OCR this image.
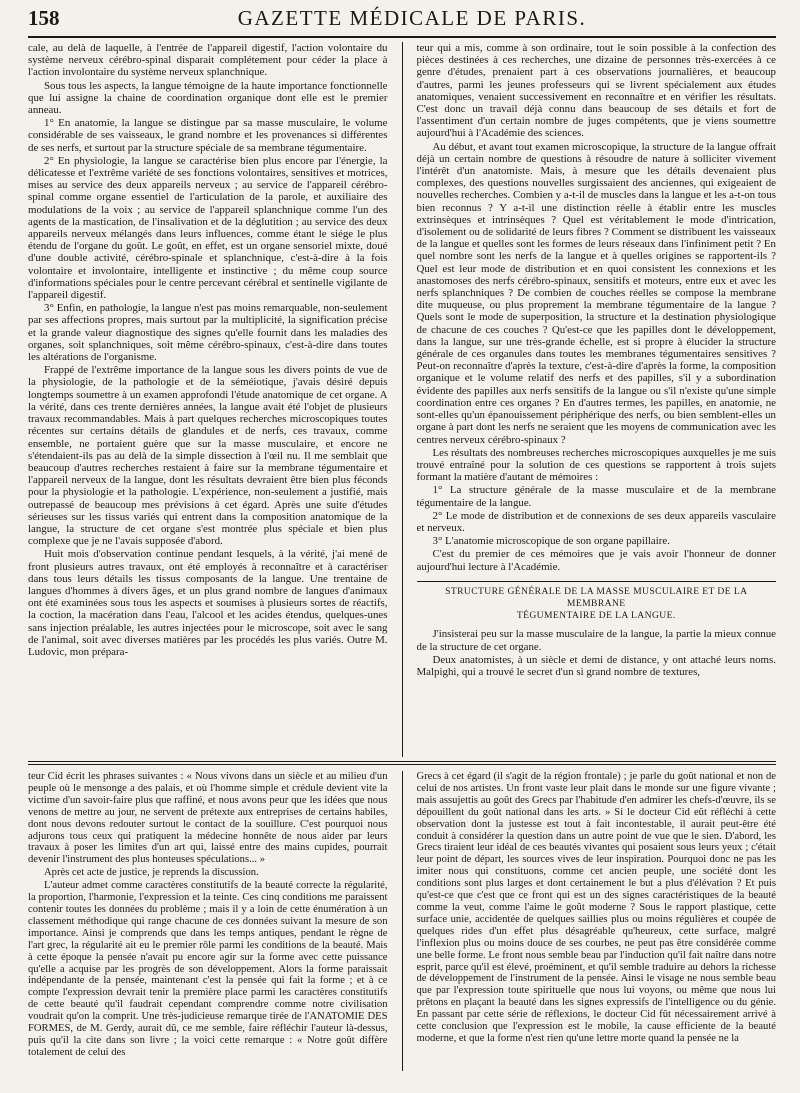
158	GAZETTE MÉDICALE DE PARIS.

cale, au delà de laquelle, à l'entrée de l'appareil digestif, l'action volontaire du système nerveux cérébro-spinal disparait complétement pour céder la place à l'action involontaire du système nerveux splanchnique.

Sous tous les aspects, la langue témoigne de la haute importance fonctionnelle que lui assigne la chaine de coordination organique dont elle est le premier anneau.

1° En anatomie, la langue se distingue par sa masse musculaire, le volume considérable de ses vaisseaux, le grand nombre et les provenances si différentes de ses nerfs, et surtout par la structure spéciale de sa membrane tégumentaire.

2° En physiologie, la langue se caractérise bien plus encore par l'énergie, la délicatesse et l'extrême variété de ses fonctions volontaires, sensitives et motrices, mises au service des deux appareils nerveux ; au service de l'appareil cérébro-spinal comme organe essentiel de l'articulation de la parole, et auxiliaire des modulations de la voix ; au service de l'appareil splanchnique comme l'un des agents de la mastication, de l'insalivation et de la déglutition ; au service des deux appareils nerveux mélangés dans leurs influences, comme étant le siége le plus étendu de l'organe du goût. Le goût, en effet, est un organe sensoriel mixte, doué d'une double activité, cérébro-spinale et splanchnique, c'est-à-dire à la fois volontaire et involontaire, intelligente et instinctive ; du même coup source d'informations spéciales pour le centre percevant cérébral et sentinelle vigilante de l'appareil digestif.

3° Enfin, en pathologie, la langue n'est pas moins remarquable, non-seulement par ses affections propres, mais surtout par la multiplicité, la signification précise et la grande valeur diagnostique des signes qu'elle fournit dans les maladies des organes, soit splanchniques, soit même cérébro-spinaux, c'est-à-dire dans toutes les altérations de l'organisme.

Frappé de l'extrême importance de la langue sous les divers points de vue de la physiologie, de la pathologie et de la séméiotique, j'avais désiré depuis longtemps soumettre à un examen approfondi l'étude anatomique de cet organe. A la vérité, dans ces trente dernières années, la langue avait été l'objet de plusieurs travaux recommandables. Mais à part quelques recherches microscopiques toutes récentes sur certains détails de glandules et de nerfs, ces travaux, comme ensemble, ne portaient guère que sur la masse musculaire, et encore ne s'étendaient-ils pas au delà de la simple dissection à l'œil nu. Il me semblait que beaucoup d'autres recherches restaient à faire sur la membrane tégumentaire et l'appareil nerveux de la langue, dont les résultats devraient être bien plus féconds pour la physiologie et la pathologie. L'expérience, non-seulement a justifié, mais outrepassé de beaucoup mes prévisions à cet égard. Après une suite d'études sérieuses sur les tissus variés qui entrent dans la composition anatomique de la langue, la structure de cet organe s'est montrée plus spéciale et bien plus complexe que je ne l'avais supposée d'abord.

Huit mois d'observation continue pendant lesquels, à la vérité, j'ai mené de front plusieurs autres travaux, ont été employés à reconnaître et à caractériser dans tous leurs détails les tissus composants de la langue. Une trentaine de langues d'hommes à divers âges, et un plus grand nombre de langues d'animaux ont été examinées sous tous les aspects et soumises à plusieurs sortes de réactifs, la coction, la macération dans l'eau, l'alcool et les acides étendus, quelques-unes sans injection préalable, les autres injectées pour le microscope, soit avec le sang de l'animal, soit avec diverses matières par les procédés les plus variés. Outre M. Ludovic, mon prépara-

teur qui a mis, comme à son ordinaire, tout le soin possible à la confection des pièces destinées à ces recherches, une dizaine de personnes très-exercées à ce genre d'études, prenaient part à ces observations journalières, et beaucoup d'autres, parmi les jeunes professeurs qui se livrent spécialement aux études anatomiques, venaient successivement en reconnaître et en vérifier les résultats. C'est donc un travail déjà connu dans beaucoup de ses détails et fort de l'assentiment d'un certain nombre de juges compétents, que je viens soumettre aujourd'hui à l'Académie des sciences.

Au début, et avant tout examen microscopique, la structure de la langue offrait déjà un certain nombre de questions à résoudre de nature à solliciter vivement l'intérêt d'un anatomiste. Mais, à mesure que les détails devenaient plus complexes, des questions nouvelles surgissaient des anciennes, qui exigeaient de nouvelles recherches. Combien y a-t-il de muscles dans la langue et les a-t-on tous bien reconnus ? Y a-t-il une distinction réelle à établir entre les muscles extrinsèques et intrinsèques ? Quel est véritablement le mode d'intrication, d'isolement ou de solidarité de leurs fibres ? Comment se distribuent les vaisseaux de la langue et quelles sont les formes de leurs réseaux dans l'infiniment petit ? En quel nombre sont les nerfs de la langue et à quelles origines se rapportent-ils ? Quel est leur mode de distribution et en quoi consistent les connexions et les anastomoses des nerfs cérébro-spinaux, sensitifs et moteurs, entre eux et avec les nerfs splanchniques ? De combien de couches réelles se compose la membrane dite muqueuse, ou plus proprement la membrane tégumentaire de la langue ? Quels sont le mode de superposition, la structure et la destination physiologique de chacune de ces couches ? Qu'est-ce que les papilles dont le développement, dans la langue, sur une très-grande échelle, est si propre à élucider la structure générale de ces organules dans toutes les membranes tégumentaires sensitives ? Peut-on reconnaître d'après la texture, c'est-à-dire d'après la forme, la composition organique et le volume relatif des nerfs et des papilles, s'il y a subordination évidente des papilles aux nerfs sensitifs de la langue ou s'il n'existe qu'une simple coordination entre ces organes ? En d'autres termes, les papilles, en anatomie, ne sont-elles qu'un épanouissement périphérique des nerfs, ou bien semblent-elles un organe à part dont les nerfs ne seraient que les moyens de communication avec les centres nerveux cérébro-spinaux ?

Les résultats des nombreuses recherches microscopiques auxquelles je me suis trouvé entraîné pour la solution de ces questions se rapportent à trois sujets formant la matière d'autant de mémoires :

1° La structure générale de la masse musculaire et de la membrane tégumentaire de la langue.

2° Le mode de distribution et de connexions de ses deux appareils vasculaire et nerveux.

3° L'anatomie microscopique de son organe papillaire.

C'est du premier de ces mémoires que je vais avoir l'honneur de donner aujourd'hui lecture à l'Académie.

STRUCTURE GÉNÉRALE DE LA MASSE MUSCULAIRE ET DE LA MEMBRANE
TÉGUMENTAIRE DE LA LANGUE.

J'insisterai peu sur la masse musculaire de la langue, la partie la mieux connue de la structure de cet organe.

Deux anatomistes, à un siècle et demi de distance, y ont attaché leurs noms. Malpighi, qui a trouvé le secret d'un si grand nombre de textures,

teur Cid écrit les phrases suivantes : « Nous vivons dans un siècle et au milieu d'un peuple où le mensonge a des palais, et où l'homme simple et crédule devient vite la victime d'un savoir-faire plus que raffiné, et nous avons peur que les idées que nous venons de mettre au jour, ne servent de prétexte aux entreprises de certains habiles, dont nous devons redouter surtout le contact de la souillure. C'est pourquoi nous adjurons tous ceux qui pratiquent la médecine honnête de nous aider par leurs travaux à poser les limites d'un art qui, laissé entre des mains cupides, pourrait devenir l'instrument des plus honteuses spéculations... »

Après cet acte de justice, je reprends la discussion.

L'auteur admet comme caractères constitutifs de la beauté correcte la régularité, la proportion, l'harmonie, l'expression et la teinte. Ces cinq conditions me paraissent contenir toutes les données du problème ; mais il y a loin de cette énumération à un classement méthodique qui range chacune de ces données suivant la mesure de son importance. Ainsi je comprends que dans les temps antiques, pendant le règne de l'art grec, la régularité ait eu le premier rôle parmi les conditions de la beauté. Mais à cette époque la pensée n'avait pu encore agir sur la forme avec cette puissance qu'elle a acquise par les progrès de son développement. Alors la forme paraissait indépendante de la pensée, maintenant c'est la pensée qui fait la forme ; et à ce compte l'expression devrait tenir la première place parmi les caractères constitutifs de cette beauté qu'il faudrait cependant comprendre comme notre civilisation voudrait qu'on la comprit. Une très-judicieuse remarque tirée de l'ANATOMIE DES FORMES, de M. Gerdy, aurait dû, ce me semble, faire réfléchir l'auteur là-dessus, puis qu'il la cite dans son livre ; la voici cette remarque : « Notre goût diffère totalement de celui des

Grecs à cet égard (il s'agit de la région frontale) ; je parle du goût national et non de celui de nos artistes. Un front vaste leur plait dans le monde sur une figure vivante ; mais assujettis au goût des Grecs par l'habitude d'en admirer les chefs-d'œuvre, ils se dépouillent du goût national dans les arts. » Si le docteur Cid eût réfléchi à cette observation dont la justesse est tout à fait incontestable, il aurait peut-être été conduit à considérer la question dans un autre point de vue que le sien. D'abord, les Grecs tiraient leur idéal de ces beautés vivantes qui posaient sous leurs yeux ; c'était leur point de départ, les sources vives de leur inspiration. Pourquoi donc ne pas les imiter nous qui constituons, comme cet ancien peuple, une société dont les conditions sont plus larges et dont certainement le but a plus d'élévation ? Et puis qu'est-ce que c'est que ce front qui est un des signes caractéristiques de la beauté comme la veut, comme l'aime le goût moderne ? Sous le rapport plastique, cette surface unie, accidentée de quelques saillies plus ou moins régulières et coupée de quelques rides d'un effet plus désagréable qu'heureux, cette surface, malgré l'inflexion plus ou moins douce de ses courbes, ne peut pas être considérée comme une belle forme. Le front nous semble beau par l'induction qu'il fait naître dans notre esprit, parce qu'il est élevé, proéminent, et qu'il semble traduire au dehors la richesse de développement de l'instrument de la pensée. Ainsi le visage ne nous semble beau que par l'expression toute spirituelle que nous lui voyons, ou même que nous lui prêtons en plaçant la beauté dans les signes expressifs de l'intelligence ou du génie. En passant par cette série de réflexions, le docteur Cid fût nécessairement arrivé à cette conclusion que l'expression est le mobile, la cause efficiente de la beauté moderne, et que la forme n'est rien qu'une lettre morte quand la pensée ne la
